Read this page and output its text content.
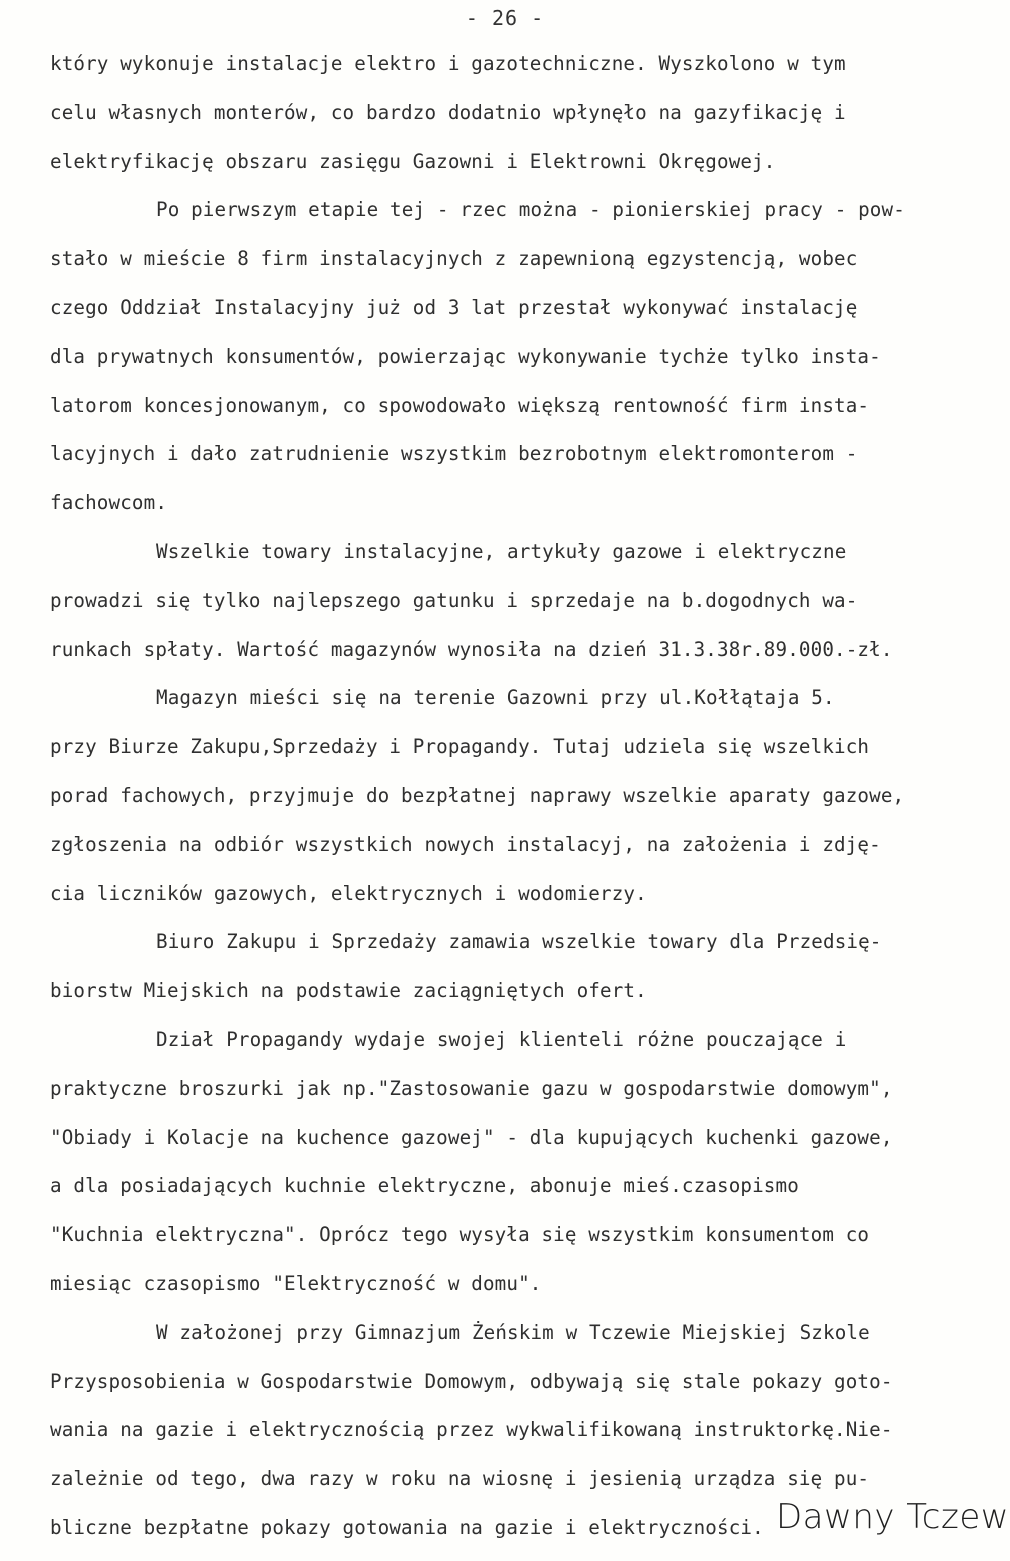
- 26 -
który wykonuje instalacje elektro i gazotechniczne. Wyszkolono w tym
celu własnych monterów, co bardzo dodatnio wpłynęło na gazyfikację i
elektryfikację obszaru zasięgu Gazowni i Elektrowni Okręgowej.
Po pierwszym etapie tej - rzec można - pionierskiej pracy - pow-
stało w mieście 8 firm instalacyjnych z zapewnioną egzystencją, wobec
czego Oddział Instalacyjny już od 3 lat przestał wykonywać instalację
dla prywatnych konsumentów, powierzając wykonywanie tychże tylko insta-
latorom koncesjonowanym, co spowodowało większą rentowność firm insta-
lacyjnych i dało zatrudnienie wszystkim bezrobotnym elektromonterom -
fachowcom.
Wszelkie towary instalacyjne, artykuły gazowe i elektryczne
prowadzi się tylko najlepszego gatunku i sprzedaje na b.dogodnych wa-
runkach spłaty. Wartość magazynów wynosiła na dzień 31.3.38r.89.000.-zł.
Magazyn mieści się na terenie Gazowni przy ul.Kołłątaja 5.
przy Biurze Zakupu,Sprzedaży i Propagandy. Tutaj udziela się wszelkich
porad fachowych, przyjmuje do bezpłatnej naprawy wszelkie aparaty gazowe,
zgłoszenia na odbiór wszystkich nowych instalacyj, na założenia i zdję-
cia liczników gazowych, elektrycznych i wodomierzy.
Biuro Zakupu i Sprzedaży zamawia wszelkie towary dla Przedsię-
biorstw Miejskich na podstawie zaciągniętych ofert.
Dział Propagandy wydaje swojej klienteli różne pouczające i
praktyczne broszurki jak np."Zastosowanie gazu w gospodarstwie domowym",
"Obiady i Kolacje na kuchence gazowej" - dla kupujących kuchenki gazowe,
a dla posiadających kuchnie elektryczne, abonuje mieś.czasopismo
"Kuchnia elektryczna". Oprócz tego wysyła się wszystkim konsumentom co
miesiąc czasopismo "Elektryczność w domu".
W założonej przy Gimnazjum Żeńskim w Tczewie Miejskiej Szkole
Przysposobienia w Gospodarstwie Domowym, odbywają się stale pokazy goto-
wania na gazie i elektrycznością przez wykwalifikowaną instruktorkę.Nie-
zależnie od tego, dwa razy w roku na wiosnę i jesienią urządza się pu-
bliczne bezpłatne pokazy gotowania na gazie i elektryczności. Dawny Tczew
